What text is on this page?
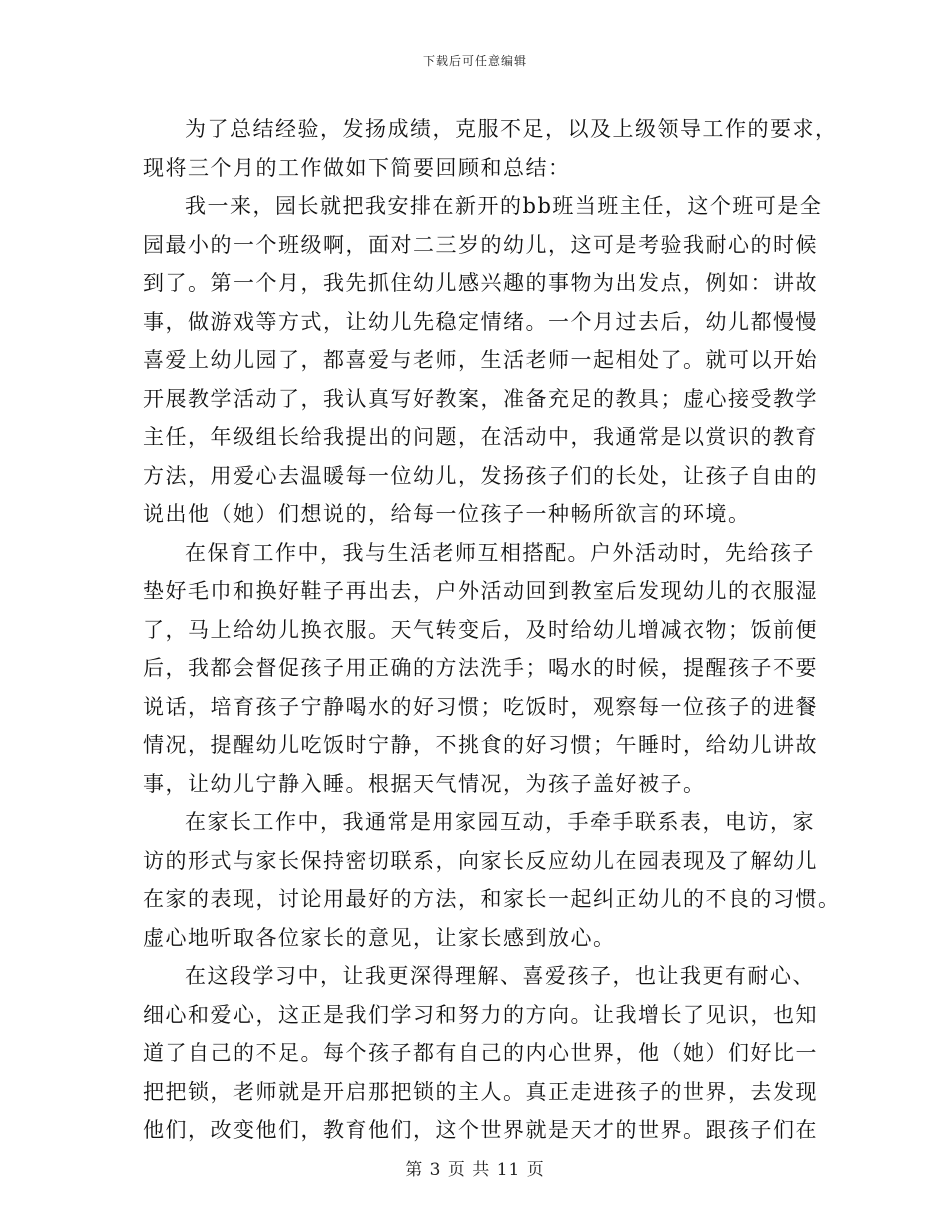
下载后可任意编辑
为了总结经验，发扬成绩，克服不足，以及上级领导工作的要求，
现将三个月的工作做如下简要回顾和总结：
我一来，园长就把我安排在新开的bb班当班主任，这个班可是全
园最小的一个班级啊，面对二三岁的幼儿，这可是考验我耐心的时候
到了。第一个月，我先抓住幼儿感兴趣的事物为出发点，例如：讲故
事，做游戏等方式，让幼儿先稳定情绪。一个月过去后，幼儿都慢慢
喜爱上幼儿园了，都喜爱与老师，生活老师一起相处了。就可以开始
开展教学活动了，我认真写好教案，准备充足的教具；虚心接受教学
主任，年级组长给我提出的问题，在活动中，我通常是以赏识的教育
方法，用爱心去温暖每一位幼儿，发扬孩子们的长处，让孩子自由的
说出他（她）们想说的，给每一位孩子一种畅所欲言的环境。
在保育工作中，我与生活老师互相搭配。户外活动时，先给孩子
垫好毛巾和换好鞋子再出去，户外活动回到教室后发现幼儿的衣服湿
了，马上给幼儿换衣服。天气转变后，及时给幼儿增减衣物；饭前便
后，我都会督促孩子用正确的方法洗手；喝水的时候，提醒孩子不要
说话，培育孩子宁静喝水的好习惯；吃饭时，观察每一位孩子的进餐
情况，提醒幼儿吃饭时宁静，不挑食的好习惯；午睡时，给幼儿讲故
事，让幼儿宁静入睡。根据天气情况，为孩子盖好被子。
在家长工作中，我通常是用家园互动，手牵手联系表，电访，家
访的形式与家长保持密切联系，向家长反应幼儿在园表现及了解幼儿
在家的表现，讨论用最好的方法，和家长一起纠正幼儿的不良的习惯。
虚心地听取各位家长的意见，让家长感到放心。
在这段学习中，让我更深得理解、喜爱孩子，也让我更有耐心、
细心和爱心，这正是我们学习和努力的方向。让我增长了见识，也知
道了自己的不足。每个孩子都有自己的内心世界，他（她）们好比一
把把锁，老师就是开启那把锁的主人。真正走进孩子的世界，去发现
他们，改变他们，教育他们，这个世界就是天才的世界。跟孩子们在
第 3 页 共 11 页
